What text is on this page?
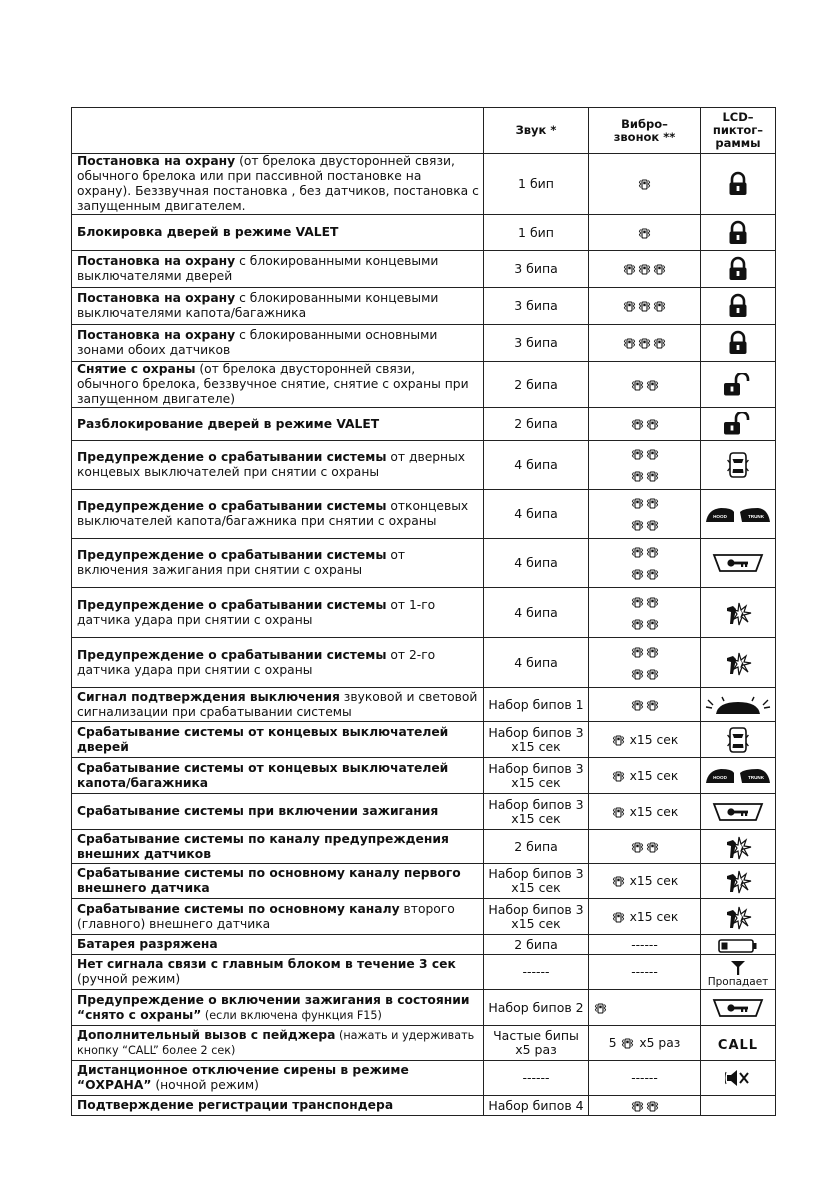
	Звук *	Вибро– звонок **	LCD– пиктог– раммы
Постановка на охрану (от брелока двусторонней связи, обычного брелока или при пассивной постановке на охрану). Беззвучная постановка , без датчиков, постановка с запущенным двигателем.	1 бип	

Блокировка дверей в режиме VALET	1 бип	

Постановка на охрану с блокированными концевыми выключателями дверей	3 бипа	

Постановка на охрану с блокированными концевыми выключателями капота/багажника	3 бипа	

Постановка на охрану с блокированными основными зонами обоих датчиков	3 бипа	

Снятие с охраны (от брелока двусторонней связи, обычного брелока, беззвучное снятие, снятие с охраны при запущенном двигателе)	2 бипа	

Разблокирование дверей в режиме VALET	2 бипа	

Предупреждение о срабатывании системы от дверных концевых выключателей при снятии с охраны	4 бипа	

Предупреждение о срабатывании системы отконцевых выключателей капота/багажника при снятии с охраны	4 бипа		HOOD TRUNK

Предупреждение о срабатывании системы от включения зажигания при снятии с охраны	4 бипа	

Предупреждение о срабатывании системы от 1-го датчика удара при снятии с охраны	4 бипа	

Предупреждение о срабатывании системы от 2-го датчика удара при снятии с охраны	4 бипа	

Сигнал подтверждения выключения звуковой и световой сигнализации при срабатывании системы	Набор бипов 1	

Срабатывание системы от концевых выключателей дверей	Набор бипов 3 x15 сек	x15 сек	

Срабатывание системы от концевых выключателей капота/багажника	Набор бипов 3 x15 сек	x15 сек	HOOD TRUNK

Срабатывание системы при включении зажигания	Набор бипов 3 x15 сек	x15 сек	

Срабатывание системы по каналу предупреждения внешних датчиков	2 бипа	

Срабатывание системы по основному каналу первого внешнего датчика	Набор бипов 3 x15 сек	x15 сек	

Срабатывание системы по основному каналу второго (главного) внешнего датчика	Набор бипов 3 x15 сек	x15 сек	

Батарея разряжена	2 бипа	------	

Нет сигнала связи с главным блоком в течение 3 сек (ручной режим)	------	------	Пропадает

Предупреждение о включении зажигания в состоянии “снято с охраны” (если включена функция F15)	Набор бипов 2	

Дополнительный вызов с пейджера (нажать и удерживать кнопку “CALL” более 2 сек)	Частые бипы x5 раз	5 x5 раз	CALL
Дистанционное отключение сирены в режиме “ОХРАНА” (ночной режим)	------	------	

Подтверждение регистрации транспондера	Набор бипов 4	
